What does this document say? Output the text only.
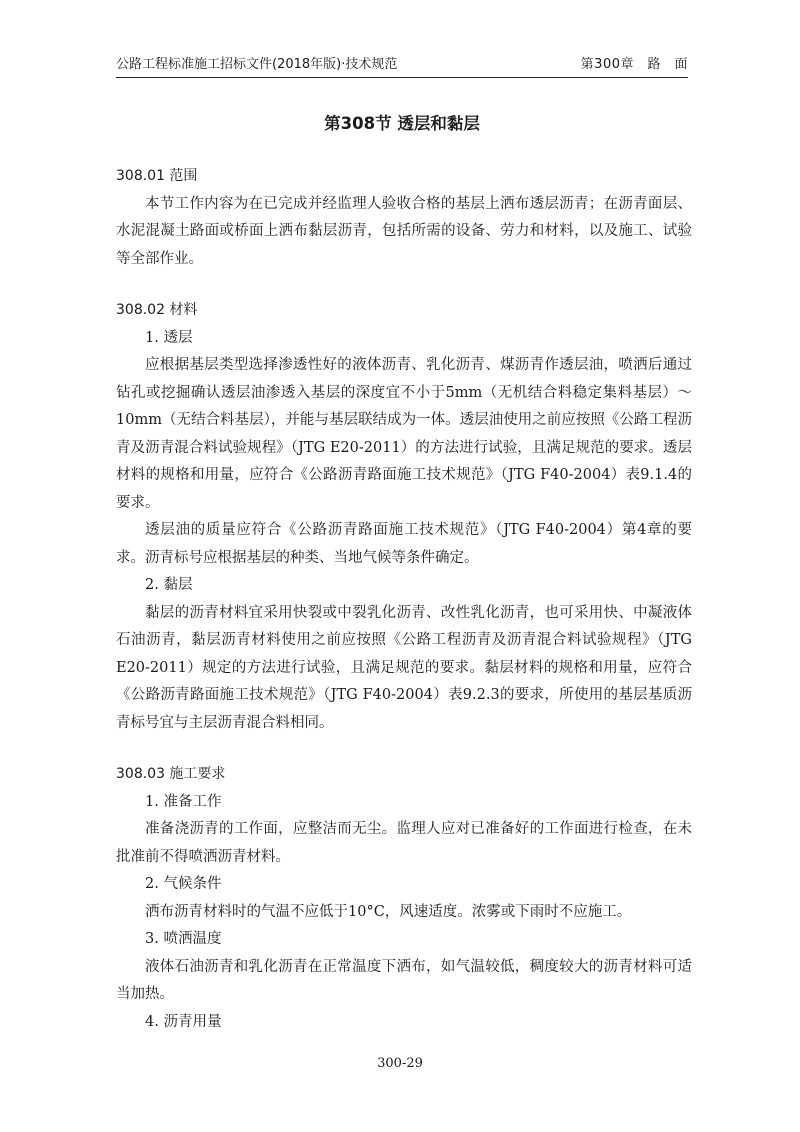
公路工程标准施工招标文件(2018年版)·技术规范	第300章　路　面
第308节 透层和黏层

308.01 范围

本节工作内容为在已完成并经监理人验收合格的基层上洒布透层沥青；在沥青面层、水泥混凝土路面或桥面上洒布黏层沥青，包括所需的设备、劳力和材料，以及施工、试验等全部作业。

308.02 材料

1. 透层

应根据基层类型选择渗透性好的液体沥青、乳化沥青、煤沥青作透层油，喷洒后通过钻孔或挖掘确认透层油渗透入基层的深度宜不小于5mm（无机结合料稳定集料基层）～10mm（无结合料基层），并能与基层联结成为一体。透层油使用之前应按照《公路工程沥青及沥青混合料试验规程》（JTG E20-2011）的方法进行试验，且满足规范的要求。透层材料的规格和用量，应符合《公路沥青路面施工技术规范》（JTG F40-2004）表9.1.4的要求。

透层油的质量应符合《公路沥青路面施工技术规范》（JTG F40-2004）第4章的要求。沥青标号应根据基层的种类、当地气候等条件确定。

2. 黏层

黏层的沥青材料宜采用快裂或中裂乳化沥青、改性乳化沥青，也可采用快、中凝液体石油沥青，黏层沥青材料使用之前应按照《公路工程沥青及沥青混合料试验规程》（JTG E20-2011）规定的方法进行试验，且满足规范的要求。黏层材料的规格和用量，应符合《公路沥青路面施工技术规范》（JTG F40-2004）表9.2.3的要求，所使用的基层基质沥青标号宜与主层沥青混合料相同。

308.03 施工要求

1. 准备工作

准备浇沥青的工作面，应整洁而无尘。监理人应对已准备好的工作面进行检查，在未批准前不得喷洒沥青材料。

2. 气候条件

洒布沥青材料时的气温不应低于10°C，风速适度。浓雾或下雨时不应施工。

3. 喷洒温度

液体石油沥青和乳化沥青在正常温度下洒布，如气温较低，稠度较大的沥青材料可适当加热。

4. 沥青用量

300-29
